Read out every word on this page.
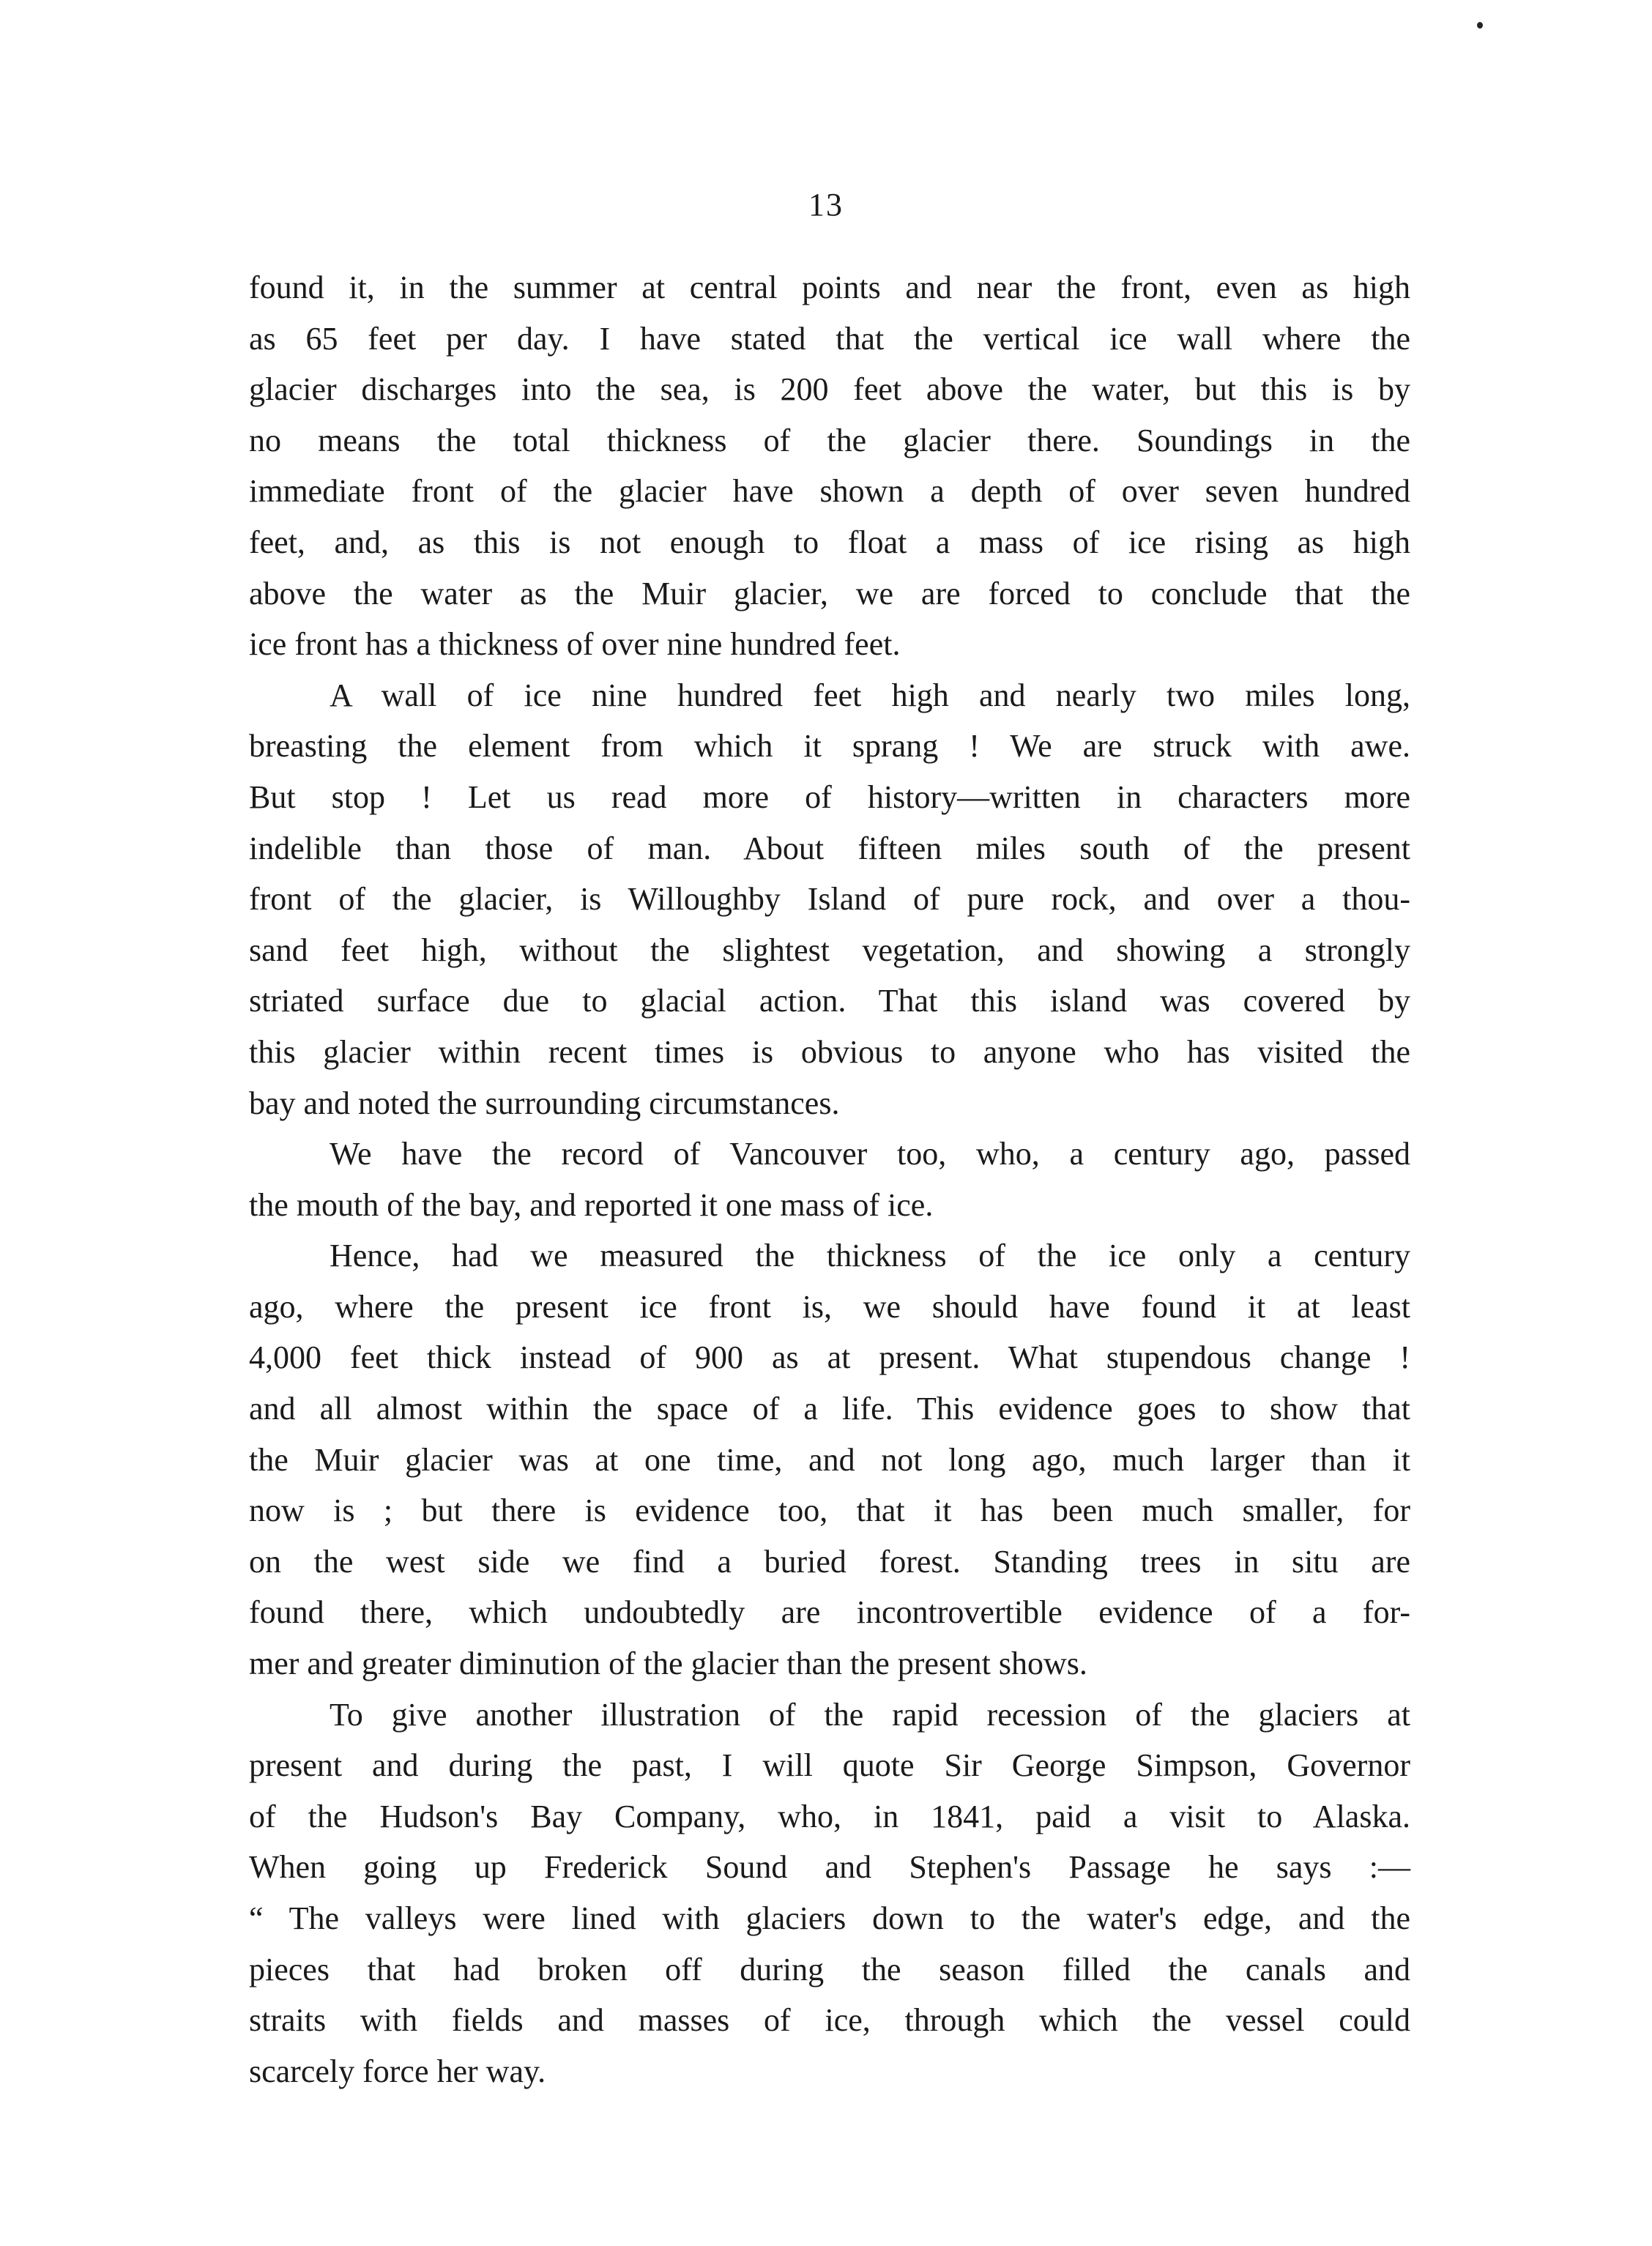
13

found it, in the summer at central points and near the front, even as high

as 65 feet per day. I have stated that the vertical ice wall where the

glacier discharges into the sea, is 200 feet above the water, but this is by

no means the total thickness of the glacier there. Soundings in the

immediate front of the glacier have shown a depth of over seven hundred

feet, and, as this is not enough to float a mass of ice rising as high

above the water as the Muir glacier, we are forced to conclude that the

ice front has a thickness of over nine hundred feet.

A wall of ice nine hundred feet high and nearly two miles long,

breasting the element from which it sprang ! We are struck with awe.

But stop ! Let us read more of history—written in characters more

indelible than those of man. About fifteen miles south of the present

front of the glacier, is Willoughby Island of pure rock, and over a thou-

sand feet high, without the slightest vegetation, and showing a strongly

striated surface due to glacial action. That this island was covered by

this glacier within recent times is obvious to anyone who has visited the

bay and noted the surrounding circumstances.

We have the record of Vancouver too, who, a century ago, passed

the mouth of the bay, and reported it one mass of ice.

Hence, had we measured the thickness of the ice only a century

ago, where the present ice front is, we should have found it at least

4,000 feet thick instead of 900 as at present. What stupendous change !

and all almost within the space of a life. This evidence goes to show that

the Muir glacier was at one time, and not long ago, much larger than it

now is ; but there is evidence too, that it has been much smaller, for

on the west side we find a buried forest. Standing trees in situ are

found there, which undoubtedly are incontrovertible evidence of a for-

mer and greater diminution of the glacier than the present shows.

To give another illustration of the rapid recession of the glaciers at

present and during the past, I will quote Sir George Simpson, Governor

of the Hudson's Bay Company, who, in 1841, paid a visit to Alaska.

When going up Frederick Sound and Stephen's Passage he says :—

“ The valleys were lined with glaciers down to the water's edge, and the

pieces that had broken off during the season filled the canals and

straits with fields and masses of ice, through which the vessel could

scarcely force her way.
